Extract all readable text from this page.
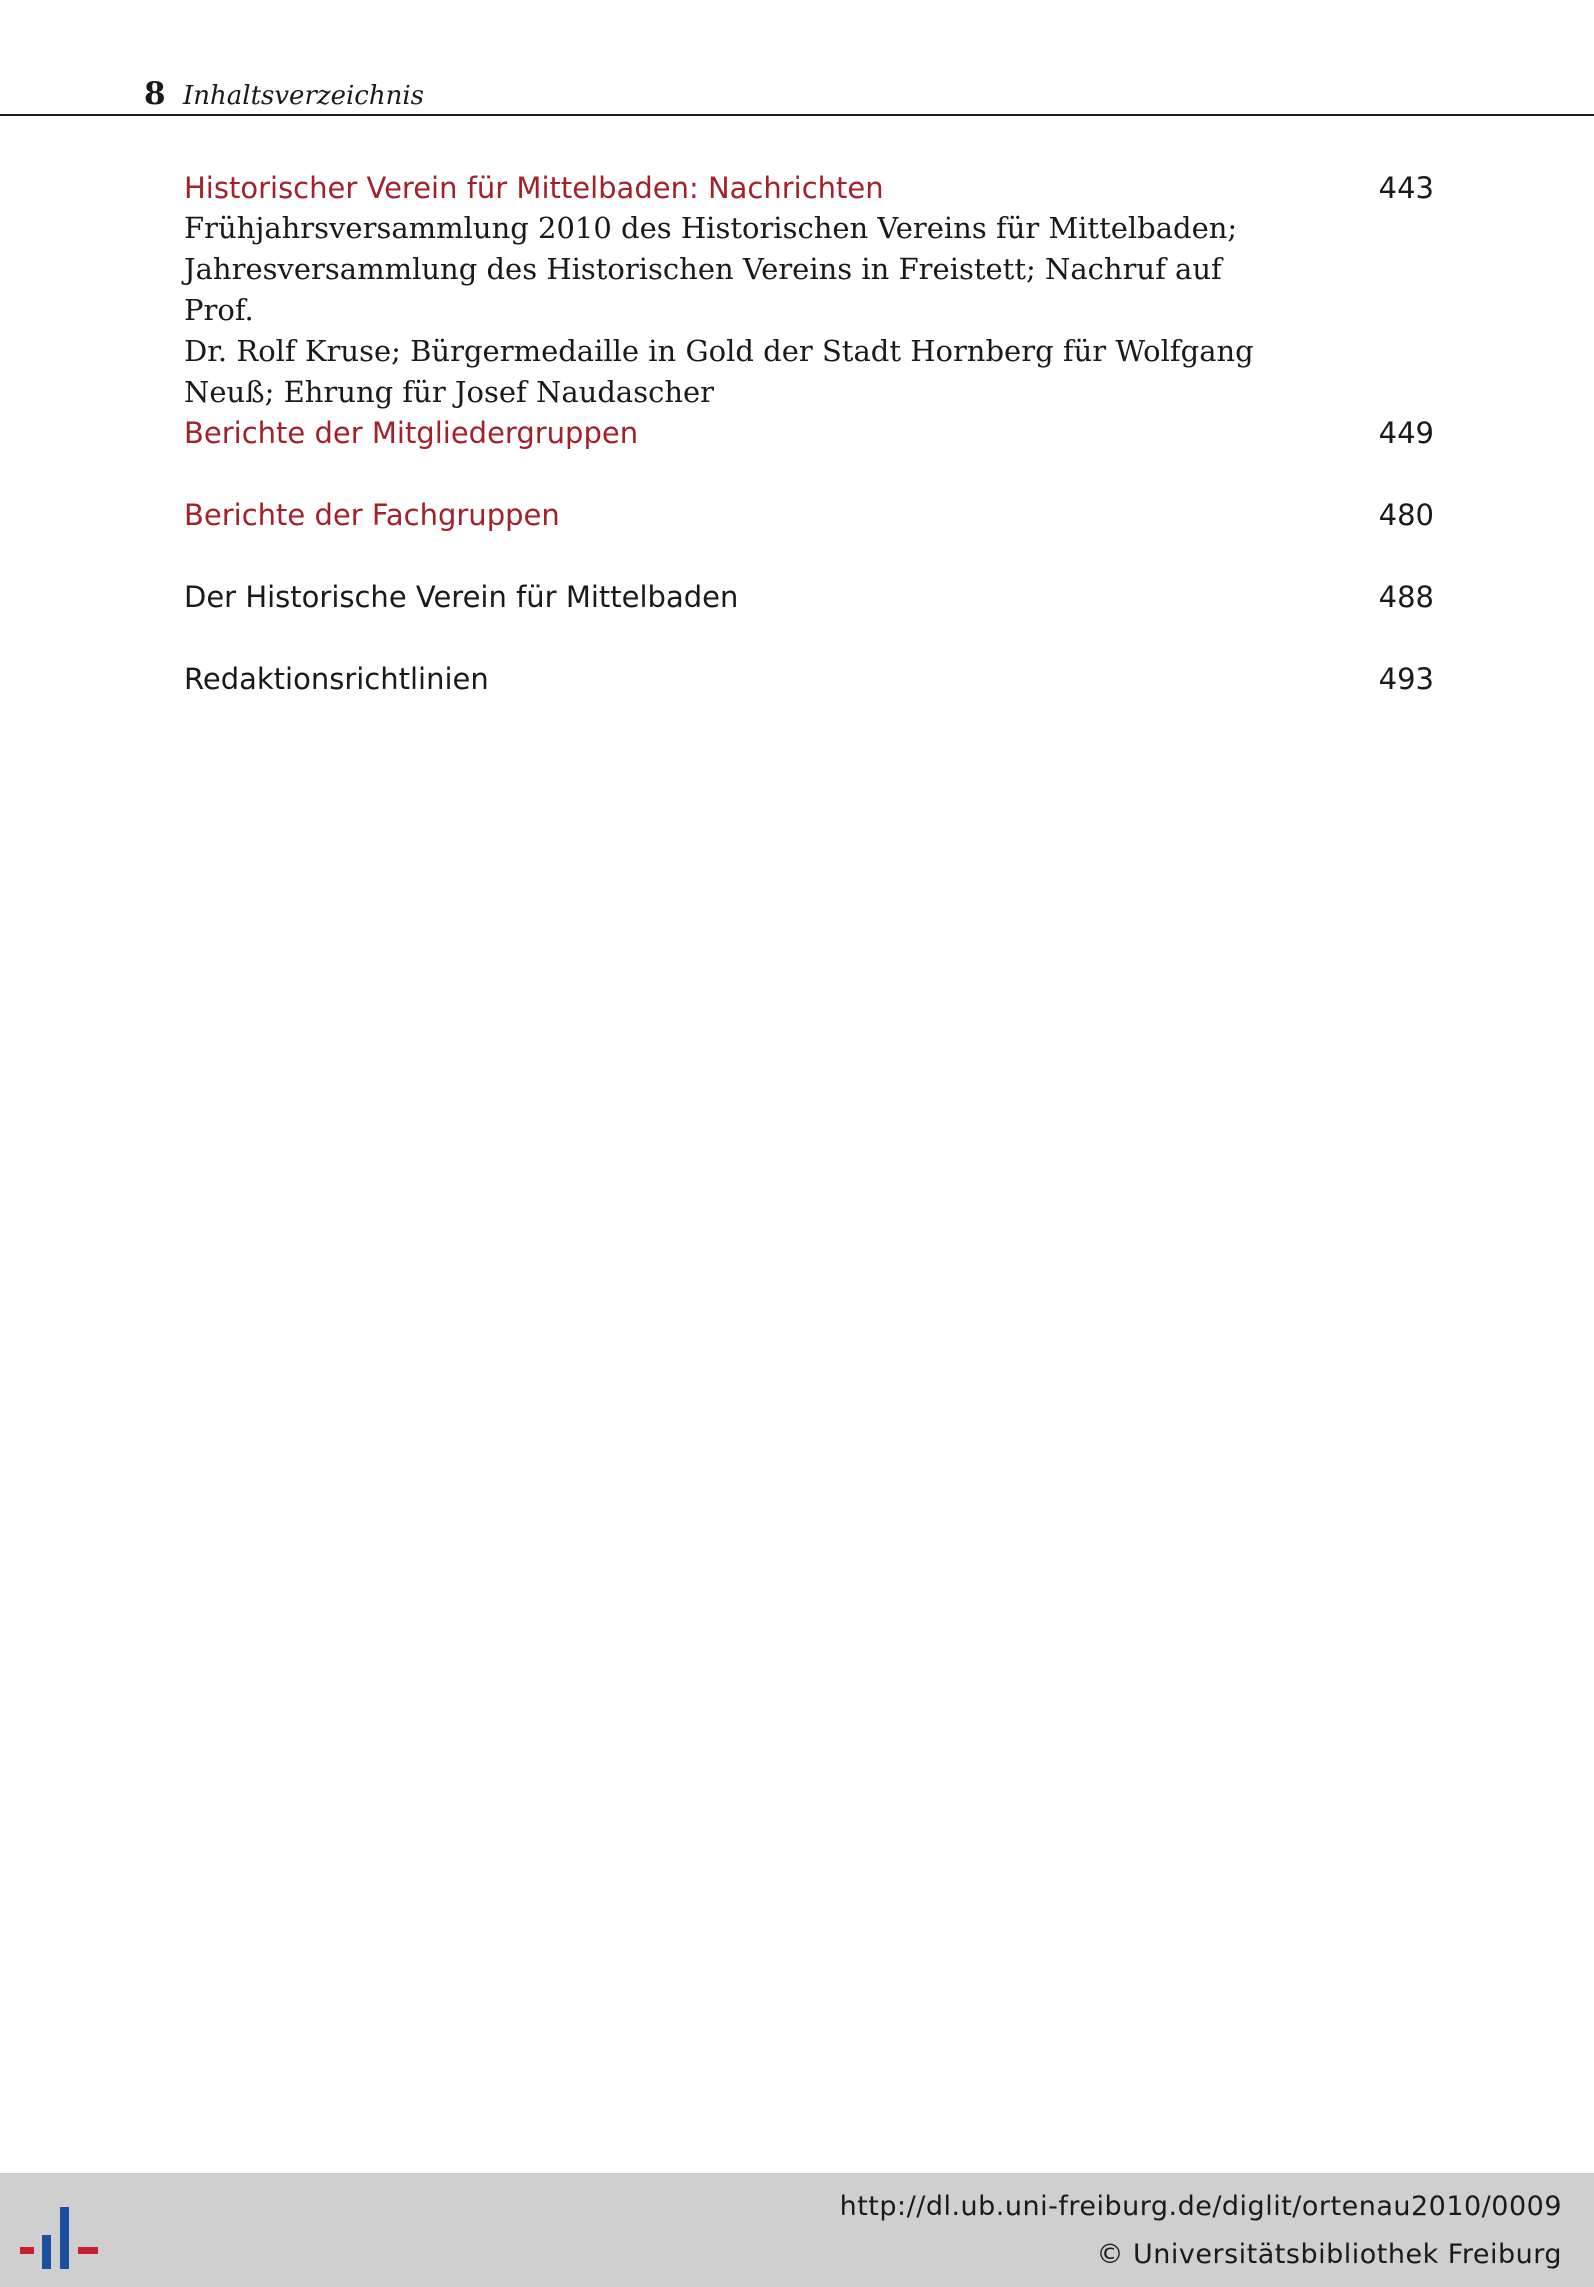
8 Inhaltsverzeichnis
Historischer Verein für Mittelbaden: Nachrichten	443
Frühjahrsversammlung 2010 des Historischen Vereins für Mittelbaden;
Jahresversammlung des Historischen Vereins in Freistett; Nachruf auf Prof.
Dr. Rolf Kruse; Bürgermedaille in Gold der Stadt Hornberg für Wolfgang
Neuß; Ehrung für Josef Naudascher
Berichte der Mitgliedergruppen	449
Berichte der Fachgruppen	480
Der Historische Verein für Mittelbaden	488
Redaktionsrichtlinien	493
http://dl.ub.uni-freiburg.de/diglit/ortenau2010/0009
© Universitätsbibliothek Freiburg
